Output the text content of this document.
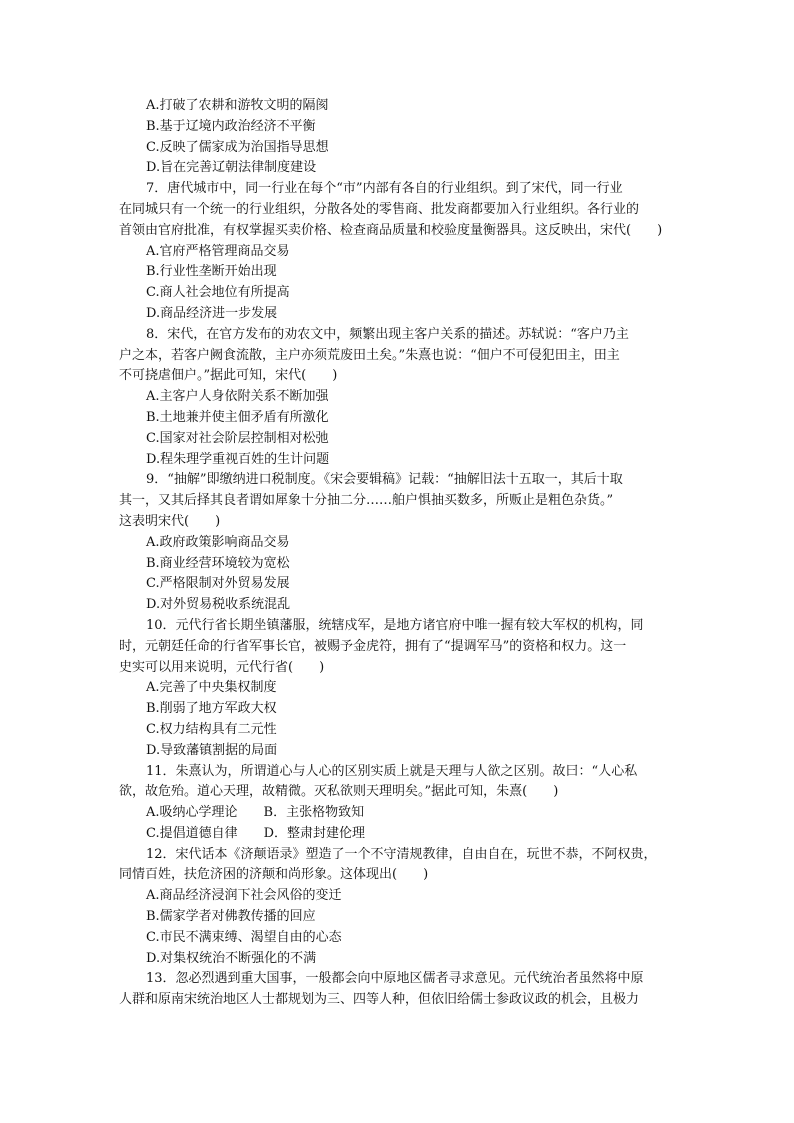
A.打破了农耕和游牧文明的隔阂
B.基于辽境内政治经济不平衡
C.反映了儒家成为治国指导思想
D.旨在完善辽朝法律制度建设
7．唐代城市中，同一行业在每个“市”内部有各自的行业组织。到了宋代，同一行业
在同城只有一个统一的行业组织，分散各处的零售商、批发商都要加入行业组织。各行业的
首领由官府批准，有权掌握买卖价格、检查商品质量和校验度量衡器具。这反映出，宋代(　　)
A.官府严格管理商品交易
B.行业性垄断开始出现
C.商人社会地位有所提高
D.商品经济进一步发展
8．宋代，在官方发布的劝农文中，频繁出现主客户关系的描述。苏轼说：“客户乃主
户之本，若客户阙食流散，主户亦须荒废田土矣。”朱熹也说：“佃户不可侵犯田主，田主
不可挠虐佃户。”据此可知，宋代(　　)
A.主客户人身依附关系不断加强
B.土地兼并使主佃矛盾有所激化
C.国家对社会阶层控制相对松弛
D.程朱理学重视百姓的生计问题
9．“抽解”即缴纳进口税制度。《宋会要辑稿》记载：“抽解旧法十五取一，其后十取
其一，又其后择其良者谓如犀象十分抽二分……舶户惧抽买数多，所贩止是粗色杂货。”
这表明宋代(　　)
A.政府政策影响商品交易
B.商业经营环境较为宽松
C.严格限制对外贸易发展
D.对外贸易税收系统混乱
10．元代行省长期坐镇藩服，统辖戍军，是地方诸官府中唯一握有较大军权的机构，同
时，元朝廷任命的行省军事长官，被赐予金虎符，拥有了“提调军马”的资格和权力。这一
史实可以用来说明，元代行省(　　)
A.完善了中央集权制度
B.削弱了地方军政大权
C.权力结构具有二元性
D.导致藩镇割据的局面
11．朱熹认为，所谓道心与人心的区别实质上就是天理与人欲之区别。故曰：“人心私
欲，故危殆。道心天理，故精微。灭私欲则天理明矣。”据此可知，朱熹(　　)
A.吸纳心学理论　　B．主张格物致知
C.提倡道德自律　　D．整肃封建伦理
12．宋代话本《济颠语录》塑造了一个不守清规教律，自由自在，玩世不恭，不阿权贵，
同情百姓，扶危济困的济颠和尚形象。这体现出(　　)
A.商品经济浸润下社会风俗的变迁
B.儒家学者对佛教传播的回应
C.市民不满束缚、渴望自由的心态
D.对集权统治不断强化的不满
13．忽必烈遇到重大国事，一般都会向中原地区儒者寻求意见。元代统治者虽然将中原
人群和原南宋统治地区人士都规划为三、四等人种，但依旧给儒士参政议政的机会，且极力
